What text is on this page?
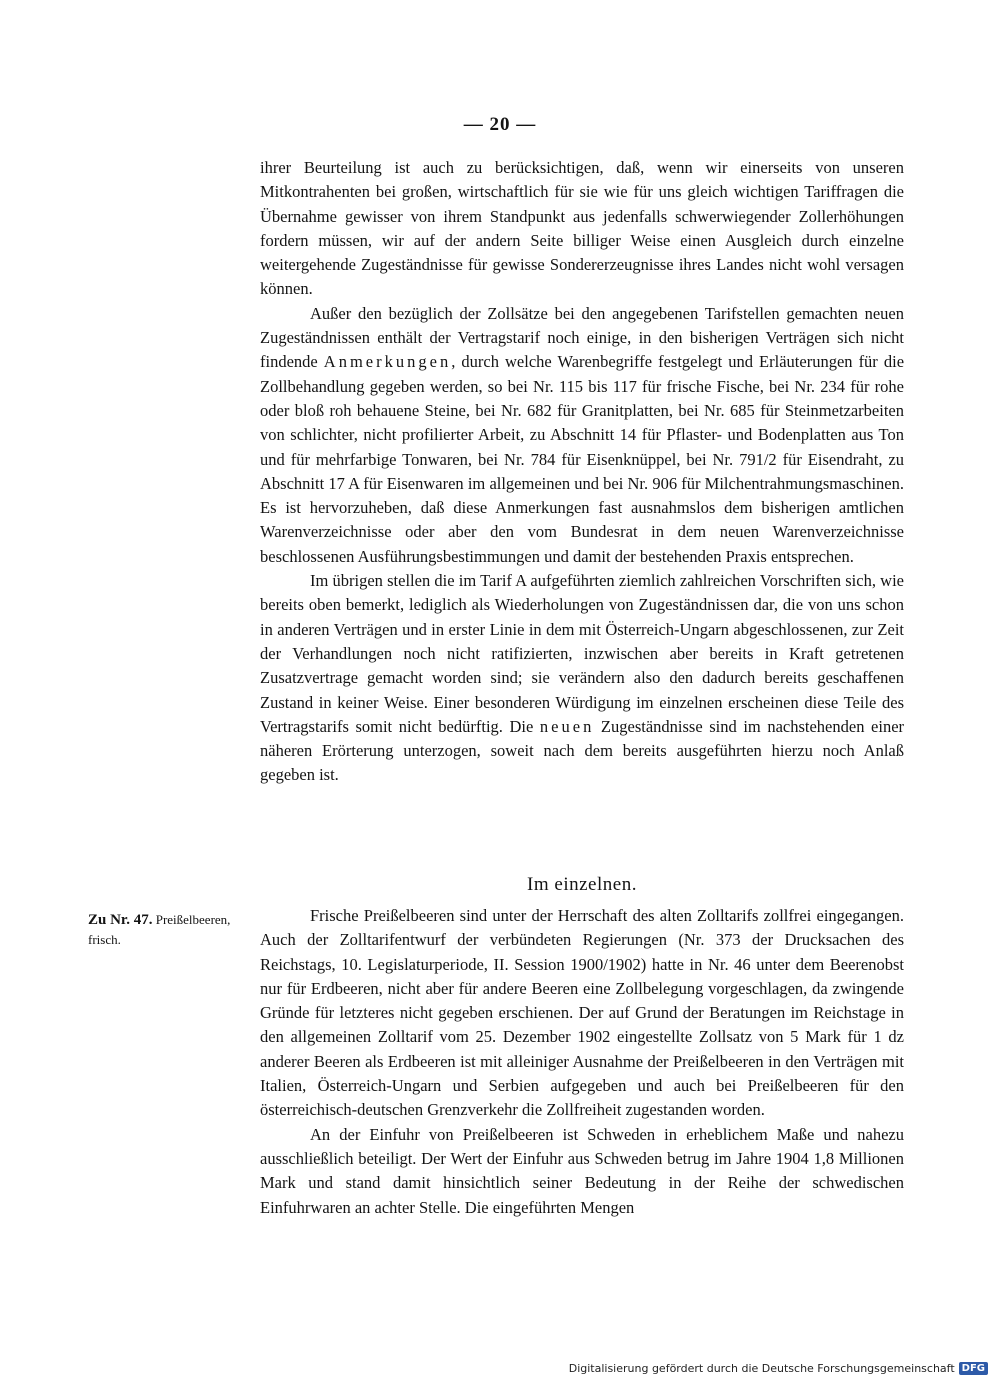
— 20 —

ihrer Beurteilung ist auch zu berücksichtigen, daß, wenn wir einerseits von unseren Mitkontrahenten bei großen, wirtschaftlich für sie wie für uns gleich wichtigen Tariffragen die Übernahme gewisser von ihrem Standpunkt aus jedenfalls schwerwiegender Zollerhöhungen fordern müssen, wir auf der andern Seite billiger Weise einen Ausgleich durch einzelne weitergehende Zugeständnisse für gewisse Sondererzeugnisse ihres Landes nicht wohl versagen können.

Außer den bezüglich der Zollsätze bei den angegebenen Tarifstellen gemachten neuen Zugeständnissen enthält der Vertragstarif noch einige, in den bisherigen Verträgen sich nicht findende Anmerkungen, durch welche Warenbegriffe festgelegt und Erläuterungen für die Zollbehandlung gegeben werden, so bei Nr. 115 bis 117 für frische Fische, bei Nr. 234 für rohe oder bloß roh behauene Steine, bei Nr. 682 für Granitplatten, bei Nr. 685 für Steinmetzarbeiten von schlichter, nicht profilierter Arbeit, zu Abschnitt 14 für Pflaster- und Bodenplatten aus Ton und für mehrfarbige Tonwaren, bei Nr. 784 für Eisenknüppel, bei Nr. 791/2 für Eisendraht, zu Abschnitt 17 A für Eisenwaren im allgemeinen und bei Nr. 906 für Milchentrahmungsmaschinen. Es ist hervorzuheben, daß diese Anmerkungen fast ausnahmslos dem bisherigen amtlichen Warenverzeichnisse oder aber den vom Bundesrat in dem neuen Warenverzeichnisse beschlossenen Ausführungsbestimmungen und damit der bestehenden Praxis entsprechen.

Im übrigen stellen die im Tarif A aufgeführten ziemlich zahlreichen Vorschriften sich, wie bereits oben bemerkt, lediglich als Wiederholungen von Zugeständnissen dar, die von uns schon in anderen Verträgen und in erster Linie in dem mit Österreich-Ungarn abgeschlossenen, zur Zeit der Verhandlungen noch nicht ratifizierten, inzwischen aber bereits in Kraft getretenen Zusatzvertrage gemacht worden sind; sie verändern also den dadurch bereits geschaffenen Zustand in keiner Weise. Einer besonderen Würdigung im einzelnen erscheinen diese Teile des Vertragstarifs somit nicht bedürftig. Die neuen Zugeständnisse sind im nachstehenden einer näheren Erörterung unterzogen, soweit nach dem bereits ausgeführten hierzu noch Anlaß gegeben ist.

Im einzelnen.
Zu Nr. 47. Preißelbeeren, frisch.

Frische Preißelbeeren sind unter der Herrschaft des alten Zolltarifs zollfrei eingegangen. Auch der Zolltarifentwurf der verbündeten Regierungen (Nr. 373 der Drucksachen des Reichstags, 10. Legislaturperiode, II. Session 1900/1902) hatte in Nr. 46 unter dem Beerenobst nur für Erdbeeren, nicht aber für andere Beeren eine Zollbelegung vorgeschlagen, da zwingende Gründe für letzteres nicht gegeben erschienen. Der auf Grund der Beratungen im Reichstage in den allgemeinen Zolltarif vom 25. Dezember 1902 eingestellte Zollsatz von 5 Mark für 1 dz anderer Beeren als Erdbeeren ist mit alleiniger Ausnahme der Preißelbeeren in den Verträgen mit Italien, Österreich-Ungarn und Serbien aufgegeben und auch bei Preißelbeeren für den österreichisch-deutschen Grenzverkehr die Zollfreiheit zugestanden worden.

An der Einfuhr von Preißelbeeren ist Schweden in erheblichem Maße und nahezu ausschließlich beteiligt. Der Wert der Einfuhr aus Schweden betrug im Jahre 1904 1,8 Millionen Mark und stand damit hinsichtlich seiner Bedeutung in der Reihe der schwedischen Einfuhrwaren an achter Stelle. Die eingeführten Mengen

Digitalisierung gefördert durch die Deutsche Forschungsgemeinschaft DFG
